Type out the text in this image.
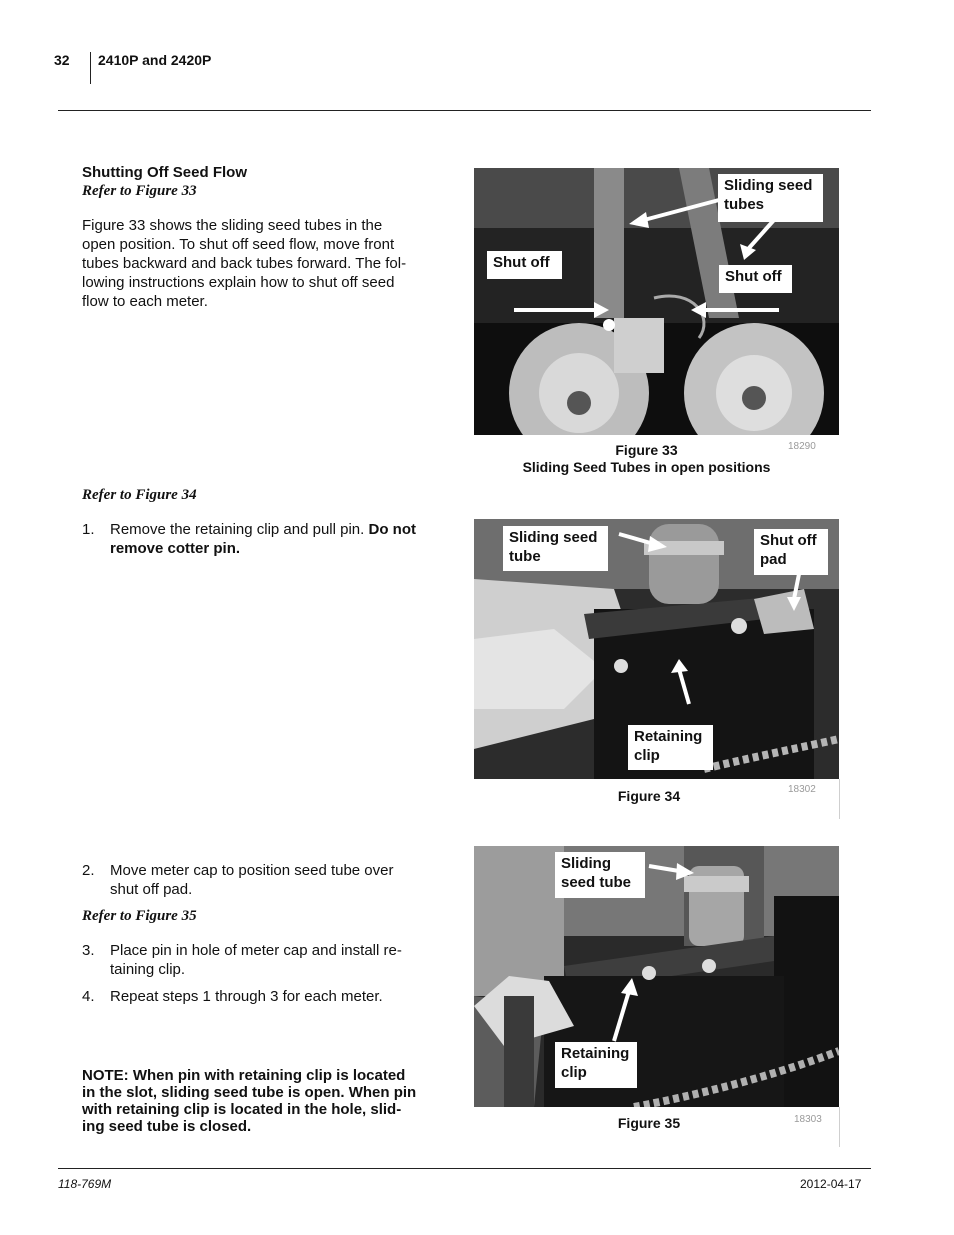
32 2410P and 2420P
Shutting Off Seed Flow
Refer to Figure 33
Figure 33 shows the sliding seed tubes in the
open position. To shut off seed flow, move front
tubes backward and back tubes forward. The fol-
lowing instructions explain how to shut off seed
flow to each meter.
Refer to Figure 34
1. Remove the retaining clip and pull pin. Do not
remove cotter pin.
2. Move meter cap to position seed tube over
shut off pad.
Refer to Figure 35
3. Place pin in hole of meter cap and install re-
taining clip.
4. Repeat steps 1 through 3 for each meter.
NOTE: When pin with retaining clip is located
in the slot, sliding seed tube is open. When pin
with retaining clip is located in the hole, slid-
ing seed tube is closed.
Sliding seed
tubes
Shut off
Shut off
Figure 33
Sliding Seed Tubes in open positions
18290
Sliding seed
tube
Shut off
pad
Retaining
clip
Figure 34	18302
Sliding
seed tube
Retaining
clip
Figure 35	18303
118-769M	2012-04-17
